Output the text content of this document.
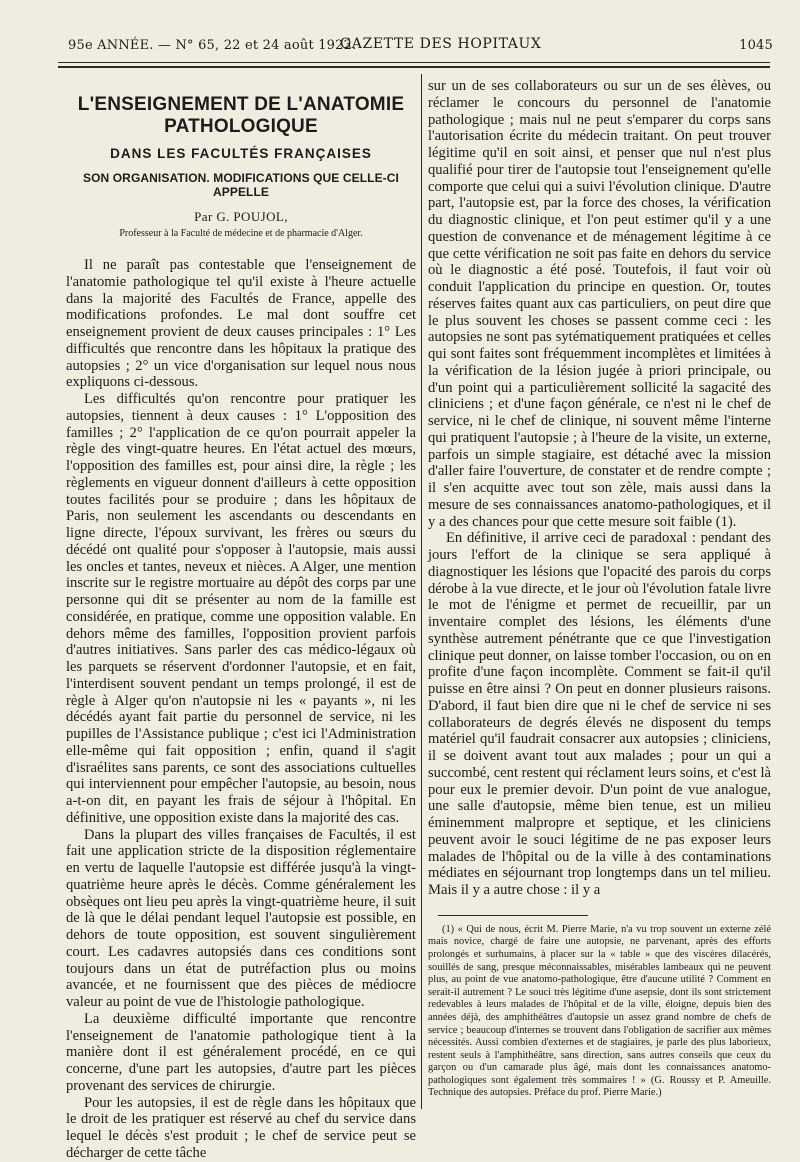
95e ANNÉE. — N° 65, 22 et 24 août 1922.
GAZETTE DES HOPITAUX	1045
L'ENSEIGNEMENT DE L'ANATOMIE PATHOLOGIQUE
DANS LES FACULTÉS FRANÇAISES
SON ORGANISATION. MODIFICATIONS QUE CELLE-CI APPELLE
Par G. POUJOL,
Professeur à la Faculté de médecine et de pharmacie d'Alger.

Il ne paraît pas contestable que l'enseignement de l'anatomie pathologique tel qu'il existe à l'heure actuelle dans la majorité des Facultés de France, appelle des modifications profondes. Le mal dont souffre cet enseignement provient de deux causes principales : 1° Les difficultés que rencontre dans les hôpitaux la pratique des autopsies ; 2° un vice d'organisation sur lequel nous nous expliquons ci-dessous.

Les difficultés qu'on rencontre pour pratiquer les autopsies, tiennent à deux causes : 1° L'opposition des familles ; 2° l'application de ce qu'on pourrait appeler la règle des vingt-quatre heures. En l'état actuel des mœurs, l'opposition des familles est, pour ainsi dire, la règle ; les règlements en vigueur donnent d'ailleurs à cette opposition toutes facilités pour se produire ; dans les hôpitaux de Paris, non seulement les ascendants ou descendants en ligne directe, l'époux survivant, les frères ou sœurs du décédé ont qualité pour s'opposer à l'autopsie, mais aussi les oncles et tantes, neveux et nièces. A Alger, une mention inscrite sur le registre mortuaire au dépôt des corps par une personne qui dit se présenter au nom de la famille est considérée, en pratique, comme une opposition valable. En dehors même des familles, l'opposition provient parfois d'autres initiatives. Sans parler des cas médico-légaux où les parquets se réservent d'ordonner l'autopsie, et en fait, l'interdisent souvent pendant un temps prolongé, il est de règle à Alger qu'on n'autopsie ni les « payants », ni les décédés ayant fait partie du personnel de service, ni les pupilles de l'Assistance publique ; c'est ici l'Administration elle-même qui fait opposition ; enfin, quand il s'agit d'israélites sans parents, ce sont des associations cultuelles qui interviennent pour empêcher l'autopsie, au besoin, nous a-t-on dit, en payant les frais de séjour à l'hôpital. En définitive, une opposition existe dans la majorité des cas.

Dans la plupart des villes françaises de Facultés, il est fait une application stricte de la disposition réglementaire en vertu de laquelle l'autopsie est différée jusqu'à la vingt-quatrième heure après le décès. Comme généralement les obsèques ont lieu peu après la vingt-quatrième heure, il suit de là que le délai pendant lequel l'autopsie est possible, en dehors de toute opposition, est souvent singulièrement court. Les cadavres autopsiés dans ces conditions sont toujours dans un état de putréfaction plus ou moins avancée, et ne fournissent que des pièces de médiocre valeur au point de vue de l'histologie pathologique.

La deuxième difficulté importante que rencontre l'enseignement de l'anatomie pathologique tient à la manière dont il est généralement procédé, en ce qui concerne, d'une part les autopsies, d'autre part les pièces provenant des services de chirurgie.

Pour les autopsies, il est de règle dans les hôpitaux que le droit de les pratiquer est réservé au chef du service dans lequel le décès s'est produit ; le chef de service peut se décharger de cette tâche

sur un de ses collaborateurs ou sur un de ses élèves, ou réclamer le concours du personnel de l'anatomie pathologique ; mais nul ne peut s'emparer du corps sans l'autorisation écrite du médecin traitant. On peut trouver légitime qu'il en soit ainsi, et penser que nul n'est plus qualifié pour tirer de l'autopsie tout l'enseignement qu'elle comporte que celui qui a suivi l'évolution clinique. D'autre part, l'autopsie est, par la force des choses, la vérification du diagnostic clinique, et l'on peut estimer qu'il y a une question de convenance et de ménagement légitime à ce que cette vérification ne soit pas faite en dehors du service où le diagnostic a été posé. Toutefois, il faut voir où conduit l'application du principe en question. Or, toutes réserves faites quant aux cas particuliers, on peut dire que le plus souvent les choses se passent comme ceci : les autopsies ne sont pas sytématiquement pratiquées et celles qui sont faites sont fréquemment incomplètes et limitées à la vérification de la lésion jugée à priori principale, ou d'un point qui a particulièrement sollicité la sagacité des cliniciens ; et d'une façon générale, ce n'est ni le chef de service, ni le chef de clinique, ni souvent même l'interne qui pratiquent l'autopsie ; à l'heure de la visite, un externe, parfois un simple stagiaire, est détaché avec la mission d'aller faire l'ouverture, de constater et de rendre compte ; il s'en acquitte avec tout son zèle, mais aussi dans la mesure de ses connaissances anatomo-pathologiques, et il y a des chances pour que cette mesure soit faible (1).

En définitive, il arrive ceci de paradoxal : pendant des jours l'effort de la clinique se sera appliqué à diagnostiquer les lésions que l'opacité des parois du corps dérobe à la vue directe, et le jour où l'évolution fatale livre le mot de l'énigme et permet de recueillir, par un inventaire complet des lésions, les éléments d'une synthèse autrement pénétrante que ce que l'investigation clinique peut donner, on laisse tomber l'occasion, ou on en profite d'une façon incomplète. Comment se fait-il qu'il puisse en être ainsi ? On peut en donner plusieurs raisons. D'abord, il faut bien dire que ni le chef de service ni ses collaborateurs de degrés élevés ne disposent du temps matériel qu'il faudrait consacrer aux autopsies ; cliniciens, il se doivent avant tout aux malades ; pour un qui a succombé, cent restent qui réclament leurs soins, et c'est là pour eux le premier devoir. D'un point de vue analogue, une salle d'autopsie, même bien tenue, est un milieu éminemment malpropre et septique, et les cliniciens peuvent avoir le souci légitime de ne pas exposer leurs malades de l'hôpital ou de la ville à des contaminations médiates en séjournant trop longtemps dans un tel milieu. Mais il y a autre chose : il y a

(1) « Qui de nous, écrit M. Pierre Marie, n'a vu trop souvent un externe zélé mais novice, chargé de faire une autopsie, ne parvenant, après des efforts prolongés et surhumains, à placer sur la « table » que des viscères dilacérés, souillés de sang, presque méconnaissables, misérables lambeaux qui ne peuvent plus, au point de vue anatomo-pathologique, être d'aucune utilité ? Comment en serait-il autrement ? Le souci très légitime d'une asepsie, dont ils sont strictement redevables à leurs malades de l'hôpital et de la ville, éloigne, depuis bien des années déjà, des amphithéâtres d'autopsie un assez grand nombre de chefs de service ; beaucoup d'internes se trouvent dans l'obligation de sacrifier aux mêmes nécessités. Aussi combien d'externes et de stagiaires, je parle des plus laborieux, restent seuls à l'amphithéâtre, sans direction, sans autres conseils que ceux du garçon ou d'un camarade plus âgé, mais dont les connaissances anatomo-pathologiques sont également très sommaires ! » (G. Roussy et P. Ameuille. Technique des autopsies. Préface du prof. Pierre Marie.)
